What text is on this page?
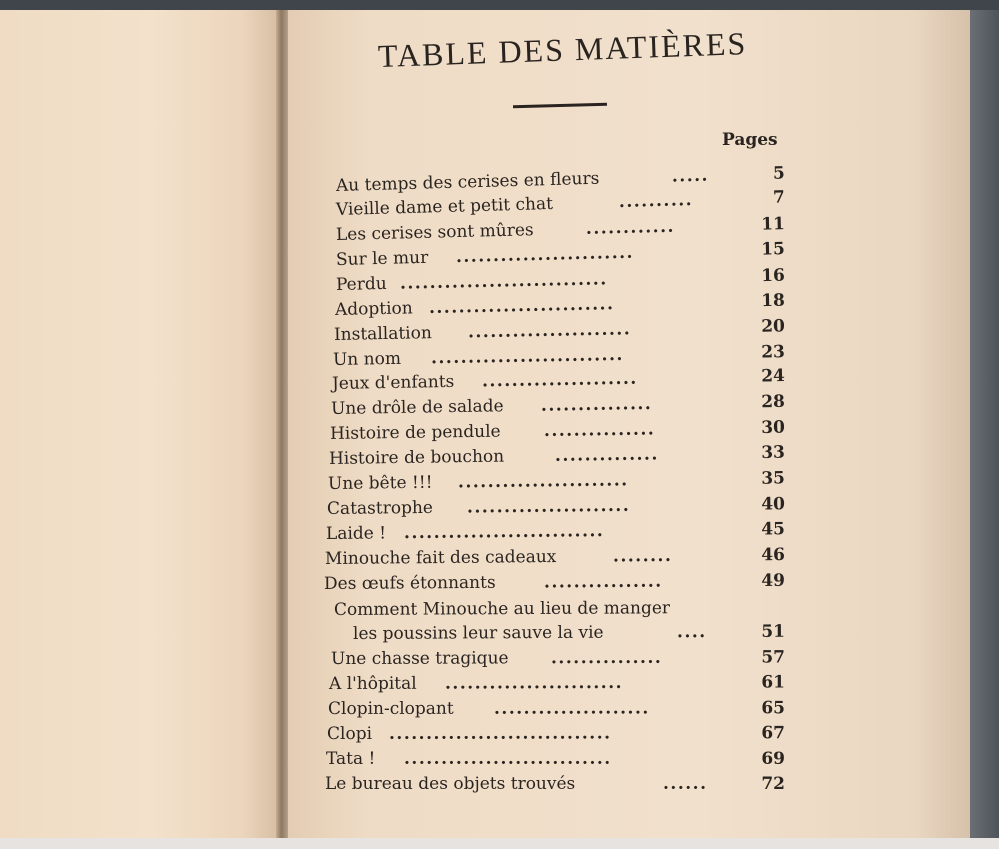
TABLE DES MATIÈRES
Pages
Au temps des cerises en fleurs	.....	5
Vieille dame et petit chat	..........	7
Les cerises sont mûres	............	11
Sur le mur ........................	15
Perdu ............................	16
Adoption .........................	18
Installation ......................	20
Un nom ..........................	23
Jeux d'enfants .....................	24
Une drôle de salade ...............	28
Histoire de pendule	...............	30
Histoire de bouchon	..............	33
Une bête !!! .......................	35
Catastrophe ......................	40
Laide ! ...........................	45
Minouche fait des cadeaux	........	46
Des œufs étonnants	................	49
Comment Minouche au lieu de manger
les poussins leur sauve la vie	....	51
Une chasse tragique ...............	57
A l'hôpital ........................	61
Clopin-clopant .....................	65
Clopi ..............................	67
Tata ! ............................	69
Le bureau des objets trouvés	......	72
